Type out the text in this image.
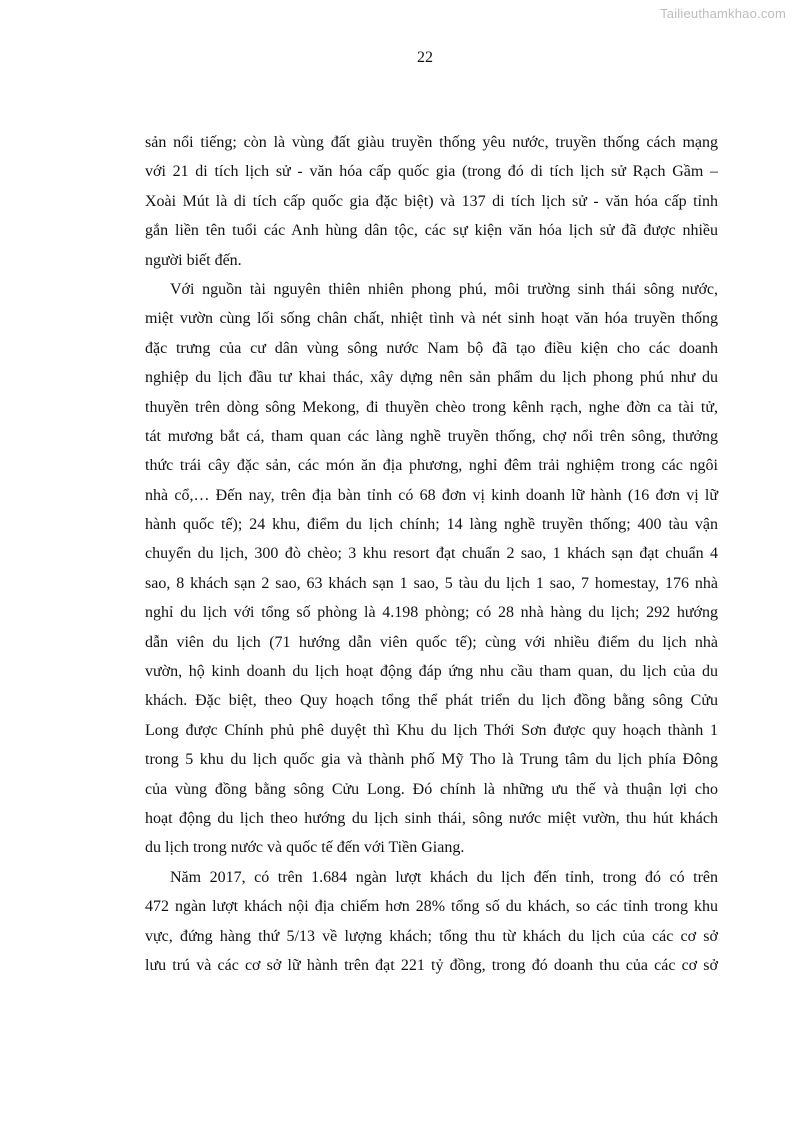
Tailieuthamkhao.com
22
sản nổi tiếng; còn là vùng đất giàu truyền thống yêu nước, truyền thống cách mạng
với 21 di tích lịch sử - văn hóa cấp quốc gia (trong đó di tích lịch sử Rạch Gầm –
Xoài Mút là di tích cấp quốc gia đặc biệt) và 137 di tích lịch sử - văn hóa cấp tỉnh
gắn liền tên tuổi các Anh hùng dân tộc, các sự kiện văn hóa lịch sử đã được nhiều
người biết đến.
Với nguồn tài nguyên thiên nhiên phong phú, môi trường sinh thái sông nước,
miệt vườn cùng lối sống chân chất, nhiệt tình và nét sinh hoạt văn hóa truyền thống
đặc trưng của cư dân vùng sông nước Nam bộ đã tạo điều kiện cho các doanh
nghiệp du lịch đầu tư khai thác, xây dựng nên sản phẩm du lịch phong phú như du
thuyền trên dòng sông Mekong, đi thuyền chèo trong kênh rạch, nghe đờn ca tài tử,
tát mương bắt cá, tham quan các làng nghề truyền thống, chợ nổi trên sông, thưởng
thức trái cây đặc sản, các món ăn địa phương, nghỉ đêm trải nghiệm trong các ngôi
nhà cổ,… Đến nay, trên địa bàn tỉnh có 68 đơn vị kinh doanh lữ hành (16 đơn vị lữ
hành quốc tế); 24 khu, điểm du lịch chính; 14 làng nghề truyền thống; 400 tàu vận
chuyển du lịch, 300 đò chèo; 3 khu resort đạt chuẩn 2 sao, 1 khách sạn đạt chuẩn 4
sao, 8 khách sạn 2 sao, 63 khách sạn 1 sao, 5 tàu du lịch 1 sao, 7 homestay, 176 nhà
nghỉ du lịch với tổng số phòng là 4.198 phòng; có 28 nhà hàng du lịch; 292 hướng
dẫn viên du lịch (71 hướng dẫn viên quốc tế); cùng với nhiều điểm du lịch nhà
vườn, hộ kinh doanh du lịch hoạt động đáp ứng nhu cầu tham quan, du lịch của du
khách. Đặc biệt, theo Quy hoạch tổng thể phát triển du lịch đồng bằng sông Cửu
Long được Chính phủ phê duyệt thì Khu du lịch Thới Sơn được quy hoạch thành 1
trong 5 khu du lịch quốc gia và thành phố Mỹ Tho là Trung tâm du lịch phía Đông
của vùng đồng bằng sông Cửu Long. Đó chính là những ưu thế và thuận lợi cho
hoạt động du lịch theo hướng du lịch sinh thái, sông nước miệt vườn, thu hút khách
du lịch trong nước và quốc tế đến với Tiền Giang.
Năm 2017, có trên 1.684 ngàn lượt khách du lịch đến tỉnh, trong đó có trên
472 ngàn lượt khách nội địa chiếm hơn 28% tổng số du khách, so các tỉnh trong khu
vực, đứng hàng thứ 5/13 về lượng khách; tổng thu từ khách du lịch của các cơ sở
lưu trú và các cơ sở lữ hành trên đạt 221 tỷ đồng, trong đó doanh thu của các cơ sở
